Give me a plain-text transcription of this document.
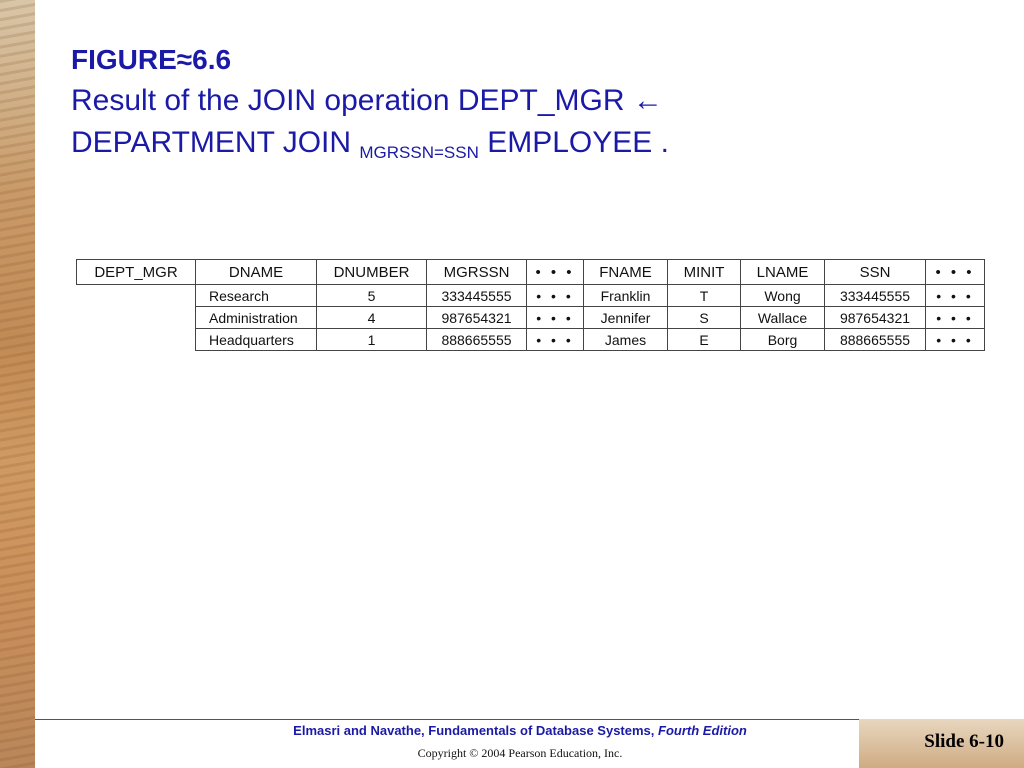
FIGURE≈6.6
Result of the JOIN operation DEPT_MGR ←
DEPARTMENT JOIN $_{MGRSSN=SSN}$ EMPLOYEE .
DEPT_MGR	DNAME	DNUMBER	MGRSSN	• • •	FNAME	MINIT	LNAME	SSN	• • •
	Research	5	333445555	• • •	Franklin	T	Wong	333445555	• • •
	Administration	4	987654321	• • •	Jennifer	S	Wallace	987654321	• • •
	Headquarters	1	888665555	• • •	James	E	Borg	888665555	• • •
Elmasri and Navathe, Fundamentals of Database Systems, Fourth Edition
Copyright © 2004 Pearson Education, Inc.
Slide 6-10
